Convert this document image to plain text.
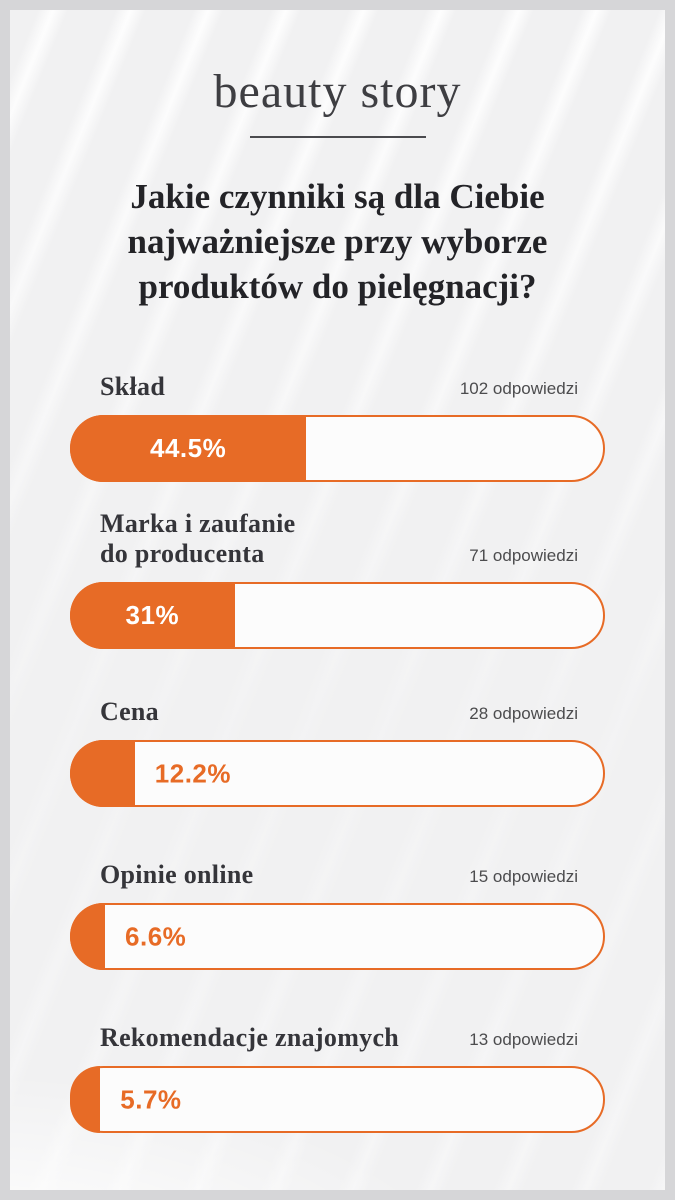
beauty story
Jakie czynniki są dla Ciebie
najważniejsze przy wyborze
produktów do pielęgnacji?
Skład	102 odpowiedzi
44.5%
Marka i zaufanie
do producenta	71 odpowiedzi
31%
Cena	28 odpowiedzi
12.2%
Opinie online	15 odpowiedzi
6.6%
Rekomendacje znajomych	13 odpowiedzi
5.7%
